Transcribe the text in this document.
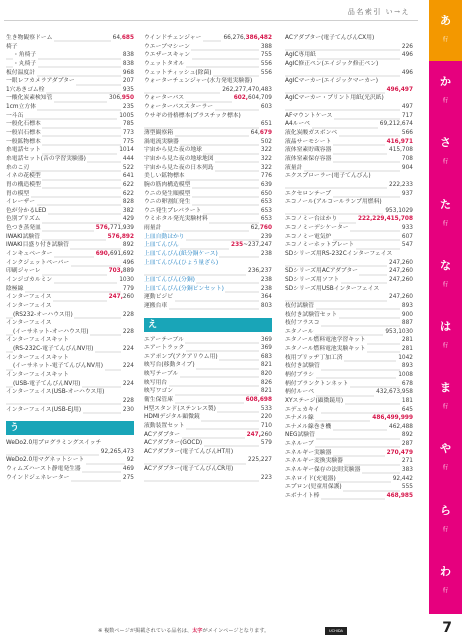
品名索引 い→え
生き物観察ドーム	64,685
椅子
・角椅子	838
・丸椅子	838
板付温度計	968
一眼レフカメラアダプター	207
1穴あきゴム栓	935
一酸化炭素検知管	306,950
1cm立方体	235
一斗缶	1005
一般化石標本	785
一般岩石標本	773
一般鉱物標本	775
糸電話セット	1014
糸電話セット(音の学習実験器)	444
糸のこ刃	522
イネの花模型	641
胃の構造模型	622
胃の模型	622
イレーザー	828
色が分かるLED	382
色別プリズム	429
色つき蒸発皿	576,771,939
IWAKI試験管	576,892
IWAKI目盛り付き試験管	892
インキュベーター	690,691,692
インクジェットペーパー	496
印刷ジャーレ	703,889
インジゴカルミン	1030
陰極線	779
インターフェイス	247,260
インターフェイス
(RS232-オーハウス用)	228
インターフェイス
(イーサネット-オーハウス用)	228
インターフェイスキット
(RS-232C-電子てんびんNV用)	224
インターフェイスキット
(イーサネット-電子てんびんNV用)	224
インターフェイスキット
(USB-電子てんびんNV用)	224
インターフェイス(USB-オーハウス用)
228
インターフェイス(USB-EJ用)	230
う
WeDo2.0用プログラミングスイッチ
92,265,473
WeDo2.0用マグネットシート	92
ウィムズハースト静電発生器	469
ウインドジェネレーター	275
ウインドチェンジャー	66,276,386,482
ウエーブマシーン	388
ウエザースキャン	755
ウェットタオル	556
ウェットティッシュ(除菌)	556
ウォーターチェンジャー(水力発電実験器)
262,277,470,483
ウォーターバス	602,604,709
ウォーターパススターラー	603
ウサギの骨格標本(プラスチック標本)
651
薄型観察箱	64,679
渦電流実験器	502
宇宙から見た夜の地球	322
宇宙から見た夜の地球地図	322
宇宙から見た夜の日本列島	322
美しい鉱物標本	776
腕の筋肉構造模型	639
ウニの発生順模型	650
ウニの卵割紅発生	653
ウニ発生プレパラート	653
ウミホタル発光実験材料	653
雨量計	62,760
上皿自動はかり	239
上皿てんびん	235~237,247
上皿てんびん(紙分銅ケース)	238
上皿てんびん(ひょう量ざら)
236,237
上皿てんびん(分銅)	238
上皿てんびん(分銅ピンセット)	238
運動ビジビ	364
運搬台車	803
え
エアーテーブル	369
エアートラック	369
エアポンプ(アクアリウム用)	683
映写台(移動タイプ)	821
映写テーブル	820
映写用台	826
映写ワゴン	821
衛生保管庫	608,698
H型スタンド(ステンレス製)	533
HDMIデジタル顕微鏡	220
液動装置セット	710
ACアダプター	247,260
ACアダプター(GOCD)	579
ACアダプター(電子てんびんHT用)
225,227
ACアダプター(電子てんびんCR用)
223
ACアダプター(電子てんびんCX用)
226
AgIC専用紙	496
AgIC修正ペン(エイジック修正ペン)
496
AgICマーカー(エイジックマーカー)
496,497
AgICマーカー・プリント用紙(光沢紙)
497
AFマウントケース	717
A4ルーペ	69,212,674
液化炭酸ガスボンベ	566
液晶サーモシート	416,971
液体窒素貯蔵容器	415,708
液体窒素保存容器	708
液量計	904
エクスプローラー(電子てんびん)
222,233
エクセロンテープ	937
エコノール(アルコールランプ用燃料)
953,1029
エコノミー台はかり	222,229,415,708
エコノミーデシケーター	933
エコノミー電気炉	607
エコノミーホットプレート	547
SDシリーズ用RS-232Cインターフェイス
247,260
SDシリーズ用ACアダプター	247,260
SDシリーズ用ソフト	247,260
SDシリーズ用USBインターフェイス
247,260
枝付試験管	893
枝付き試験管セット	900
枝付フラスコ	887
エタノール	953,1030
エタノール燃料電池学習キット	281
エタノール燃料電池実験キット	281
枝用ブリッヂ丁加工済	1042
枝付き試験管	893
柄付ブラシ	1008
柄付ブランクトンネット	678
柄付ルーペ	432,673,958
XYステージ(顕微鏡用)	181
エデュカキイ	645
エナメル線	486,499,999
エナメル線巻き機	462,488
NEG試験管	892
エネルーブ	287
エネルギー実験器	270,479
エネルギー変換実験器	271
エネルギー保存の法則実験器	383
エネロイド(充電器)	92,442
エプロン(児童用保護)	555
エボナイト棒	468,985
あ
行
か
行
さ
行
た
行
な
行
は
行
ま
行
や
行
ら
行
わ
行
※ 複数ページが掲載されている品名は、太字がメインページとなります。	UCHIDA	7
